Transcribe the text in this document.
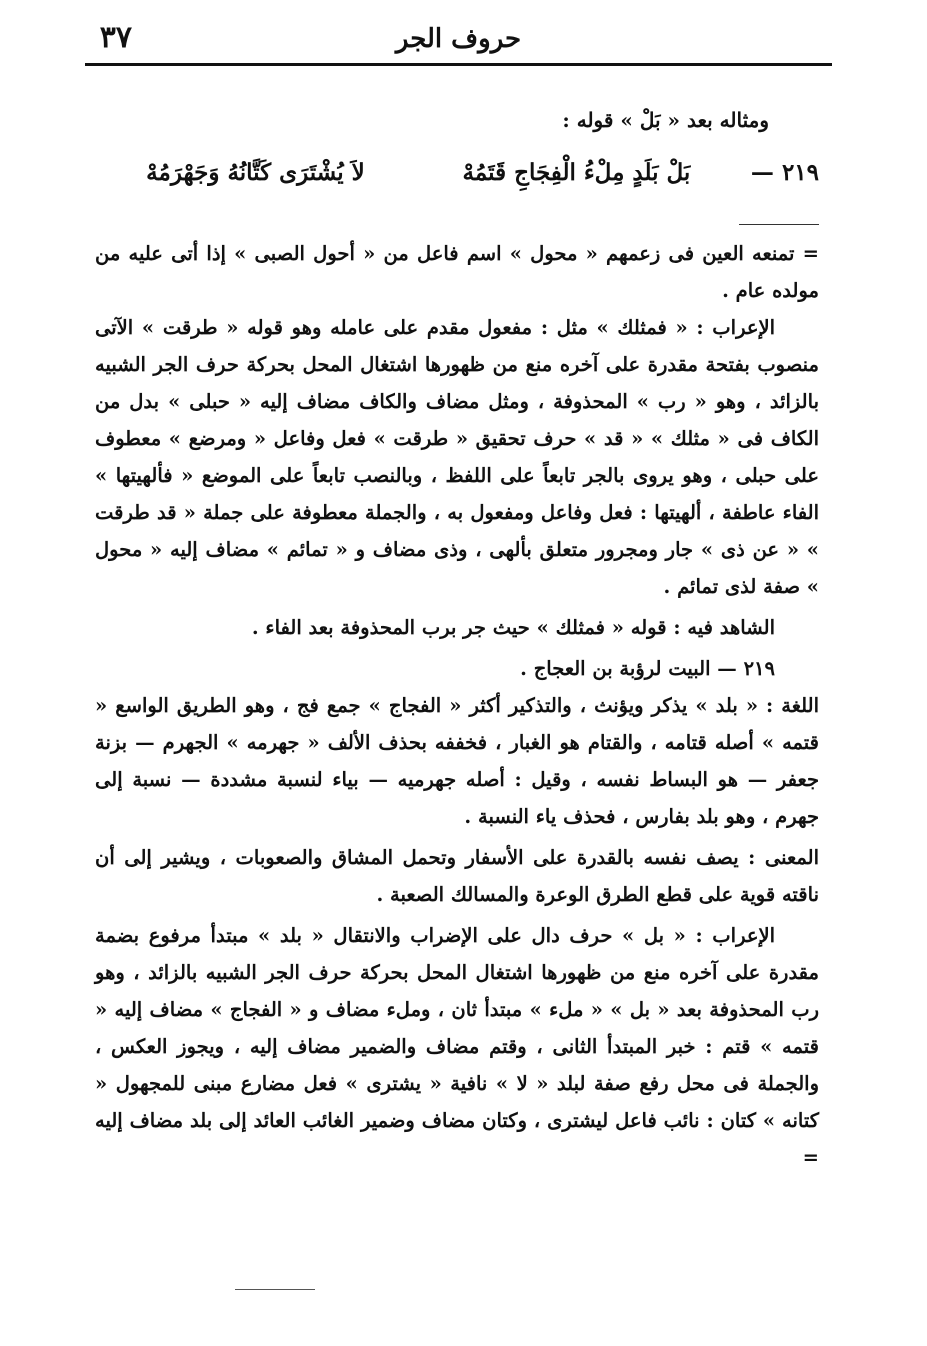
٣٧	حروف الجر

ومثاله بعد « بَلْ » قوله :

٢١٩ —
بَلْ بَلَدٍ مِلْءُ الْفِجَاجِ قَتَمُهْ
لاَ يُشْتَرَى كَتَّانُهُ وَجَهْرَمُهْ

= تمنعه العين فى زعمهم « محول » اسم فاعل من « أحول الصبى » إذا أتى عليه من مولده عام .

الإعراب : « فمثلك » مثل : مفعول مقدم على عامله وهو قوله « طرقت » الآتى منصوب بفتحة مقدرة على آخره منع من ظهورها اشتغال المحل بحركة حرف الجر الشبيه بالزائد ، وهو « رب » المحذوفة ، ومثل مضاف والكاف مضاف إليه « حبلى » بدل من الكاف فى « مثلك » « قد » حرف تحقيق « طرقت » فعل وفاعل « ومرضع » معطوف على حبلى ، وهو يروى بالجر تابعاً على اللفظ ، وبالنصب تابعاً على الموضع « فألهيتها » الفاء عاطفة ، ألهيتها : فعل وفاعل ومفعول به ، والجملة معطوفة على جملة « قد طرقت » « عن ذى » جار ومجرور متعلق بألهى ، وذى مضاف و « تمائم » مضاف إليه « محول » صفة لذى تمائم .

الشاهد فيه : قوله « فمثلك » حيث جر برب المحذوفة بعد الفاء .

٢١٩ — البيت لرؤبة بن العجاج .

اللغة : « بلد » يذكر ويؤنث ، والتذكير أكثر « الفجاج » جمع فج ، وهو الطريق الواسع « قتمه » أصله قتامه ، والقتام هو الغبار ، فخففه بحذف الألف « جهرمه » الجهرم — بزنة جعفر — هو البساط نفسه ، وقيل : أصله جهرميه — بياء لنسبة مشددة — نسبة إلى جهرم ، وهو بلد بفارس ، فحذف ياء النسبة .

المعنى : يصف نفسه بالقدرة على الأسفار وتحمل المشاق والصعوبات ، ويشير إلى أن ناقته قوية على قطع الطرق الوعرة والمسالك الصعبة .

الإعراب : « بل » حرف دال على الإضراب والانتقال « بلد » مبتدأ مرفوع بضمة مقدرة على آخره منع من ظهورها اشتغال المحل بحركة حرف الجر الشبيه بالزائد ، وهو رب المحذوفة بعد « بل » « ملء » مبتدأ ثان ، وملء مضاف و « الفجاج » مضاف إليه « قتمه » قتم : خبر المبتدأ الثانى ، وقتم مضاف والضمير مضاف إليه ، ويجوز العكس ، والجملة فى محل رفع صفة لبلد « لا » نافية « يشترى » فعل مضارع مبنى للمجهول « كتانه » كتان : نائب فاعل ليشترى ، وكتان مضاف وضمير الغائب العائد إلى بلد مضاف إليه =
